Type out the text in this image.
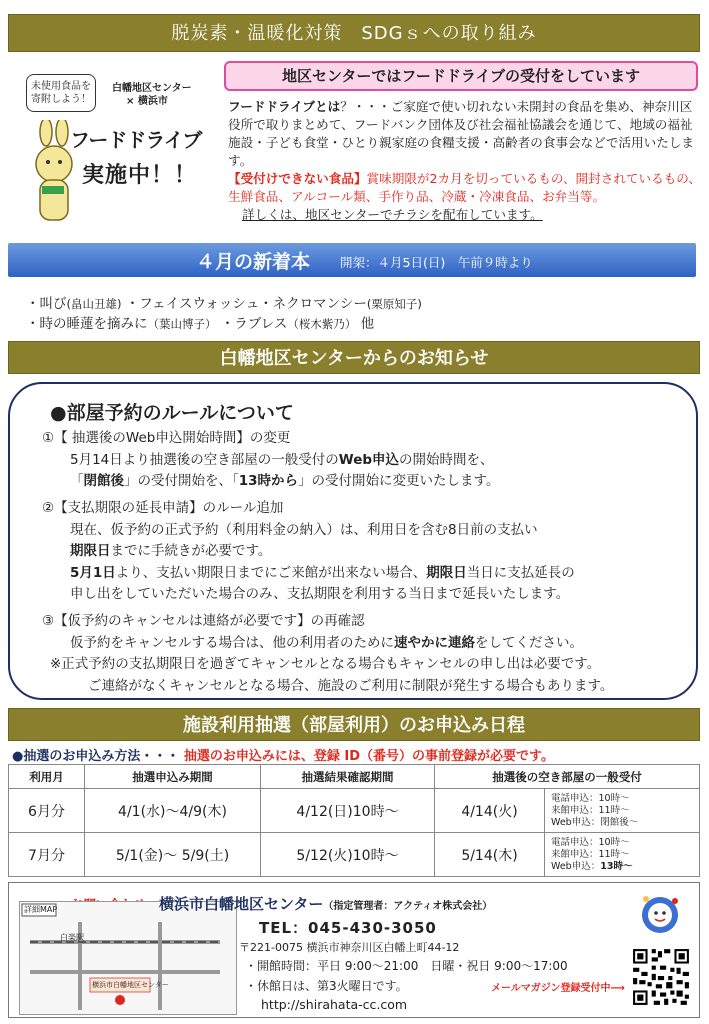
脱炭素・温暖化対策　SDGｓへの取り組み
未使用食品を寄附しよう！
白幡地区センター
× 横浜市
フードドライブ
実施中！！
地区センターではフードドライブの受付をしています
フードドライブとは？・・・ご家庭で使い切れない未開封の食品を集め、神奈川区役所で取りまとめて、フードバンク団体及び社会福祉協議会を通じて、地域の福祉施設・子ども食堂・ひとり親家庭の食糧支援・高齢者の食事会などで活用いたします。
【受付けできない食品】賞味期限が2カ月を切っているもの、開封されているもの、生鮮食品、アルコール類、手作り品、冷蔵・冷凍食品、お弁当等。
詳しくは、地区センターでチラシを配布しています。
４月の新着本 開架：４月5日(日)　午前９時より
・叫び(畠山丑雄) ・フェイスウォッシュ・ネクロマンシー(栗原知子)
・時の睡蓮を摘みに（葉山博子） ・ラブレス（桜木紫乃） 他
白幡地区センターからのお知らせ
●部屋予約のルールについて
①【 抽選後のWeb申込開始時間】の変更
5月14日より抽選後の空き部屋の一般受付のWeb申込の開始時間を、
「閉館後」の受付開始を、「13時から」の受付開始に変更いたします。
②【支払期限の延長申請】のルール追加
現在、仮予約の正式予約（利用料金の納入）は、利用日を含む8日前の支払い
期限日までに手続きが必要です。
5月1日より、支払い期限日までにご来館が出来ない場合、期限日当日に支払延長の
申し出をしていただいた場合のみ、支払期限を利用する当日まで延長いたします。
③【仮予約のキャンセルは連絡が必要です】の再確認
仮予約をキャンセルする場合は、他の利用者のために速やかに連絡をしてください。
※正式予約の支払期限日を過ぎてキャンセルとなる場合もキャンセルの申し出は必要です。
ご連絡がなくキャンセルとなる場合、施設のご利用に制限が発生する場合もあります。
施設利用抽選（部屋利用）のお申込み日程
●抽選のお申込み方法・・・ 抽選のお申込みには、登録 ID（番号）の事前登録が必要です。
利用月	抽選申込み期間	抽選結果確認期間	抽選後の空き部屋の一般受付	
6月分	4/1(水)～4/9(木)	4/12(日)10時～	4/14(火)	電話申込：10時～
来館申込：11時～
Web申込：閉館後～

7月分	5/1(金)～ 5/9(土)	5/12(火)10時～	5/14(木)	電話申込：10時～
来館申込：11時～
Web申込：13時～
詳細MAP
白楽駅
横浜市白幡地区センター
横浜市白幡地区センター（指定管理者：アクティオ株式会社）
TEL：045-430-3050
〒221-0075 横浜市神奈川区白幡上町44-12
・開館時間：平日 9:00～21:00　日曜・祝日 9:00～17:00
・休館日は、第3火曜日です。
http://shirahata-cc.com
メールマガジン登録受付中⟶
